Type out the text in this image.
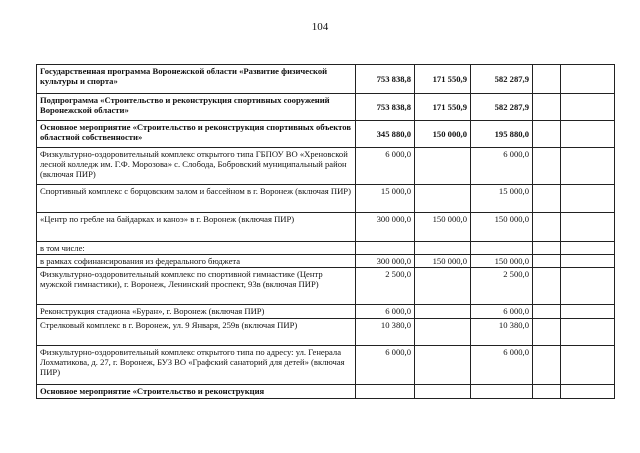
104
Государственная программа Воронежской области «Развитие физической культуры и спорта»	753 838,8	171 550,9	582 287,9		
Подпрограмма «Строительство и реконструкция спортивных сооружений Воронежской области»	753 838,8	171 550,9	582 287,9		
Основное мероприятие «Строительство и реконструкция спортивных объектов областной собственности»	345 880,0	150 000,0	195 880,0		
Физкультурно-оздоровительный комплекс открытого типа ГБПОУ ВО «Хреновской лесной колледж им. Г.Ф. Морозова» с. Слобода, Бобровский муниципальный район (включая ПИР)	6 000,0		6 000,0		
Спортивный комплекс с борцовским залом и бассейном в г. Воронеж (включая ПИР)	15 000,0		15 000,0		
«Центр по гребле на байдарках и каноэ» в г. Воронеж (включая ПИР)	300 000,0	150 000,0	150 000,0		
в том числе:					
в рамках софинансирования из федерального бюджета	300 000,0	150 000,0	150 000,0		
Физкультурно-оздоровительный комплекс по спортивной гимнастике (Центр мужской гимнастики), г. Воронеж, Ленинский проспект, 93в (включая ПИР)	2 500,0		2 500,0		
Реконструкция стадиона «Буран», г. Воронеж (включая ПИР)	6 000,0		6 000,0		
Стрелковый комплекс в г. Воронеж, ул. 9 Января, 259в (включая ПИР)	10 380,0		10 380,0		
Физкультурно-оздоровительный комплекс открытого типа по адресу: ул. Генерала Лохматикова, д. 27, г. Воронеж, БУЗ ВО «Графский санаторий для детей» (включая ПИР)	6 000,0		6 000,0		
Основное мероприятие «Строительство и реконструкция					
